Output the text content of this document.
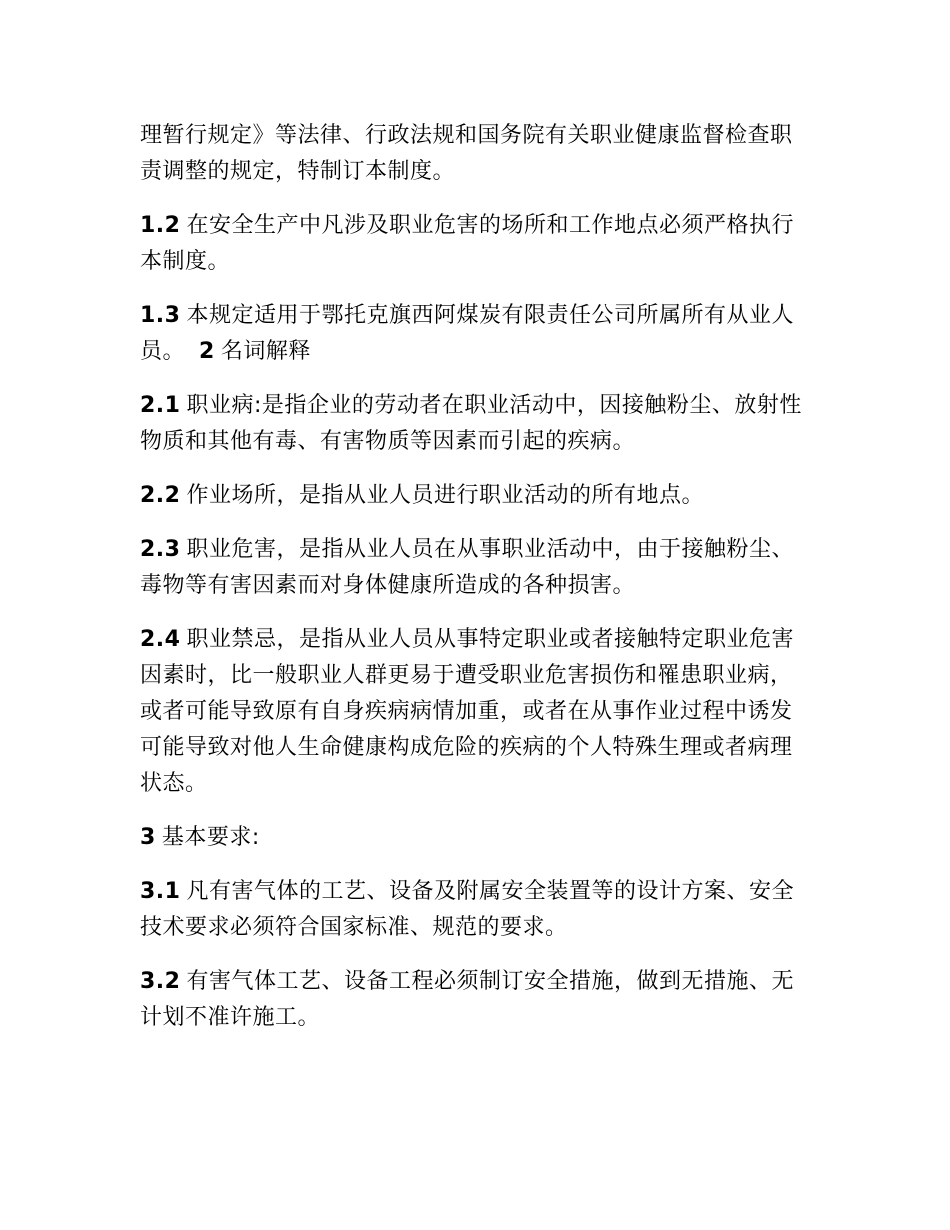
理暂行规定》等法律、行政法规和国务院有关职业健康监督检查职责调整的规定，特制订本制度。

1.2 在安全生产中凡涉及职业危害的场所和工作地点必须严格执行本制度。

1.3 本规定适用于鄂托克旗西阿煤炭有限责任公司所属所有从业人员。 2 名词解释

2.1 职业病:是指企业的劳动者在职业活动中，因接触粉尘、放射性物质和其他有毒、有害物质等因素而引起的疾病。

2.2 作业场所，是指从业人员进行职业活动的所有地点。

2.3 职业危害，是指从业人员在从事职业活动中，由于接触粉尘、毒物等有害因素而对身体健康所造成的各种损害。

2.4 职业禁忌，是指从业人员从事特定职业或者接触特定职业危害因素时，比一般职业人群更易于遭受职业危害损伤和罹患职业病，或者可能导致原有自身疾病病情加重，或者在从事作业过程中诱发可能导致对他人生命健康构成危险的疾病的个人特殊生理或者病理状态。

3 基本要求:

3.1 凡有害气体的工艺、设备及附属安全装置等的设计方案、安全技术要求必须符合国家标准、规范的要求。

3.2 有害气体工艺、设备工程必须制订安全措施，做到无措施、无计划不准许施工。
